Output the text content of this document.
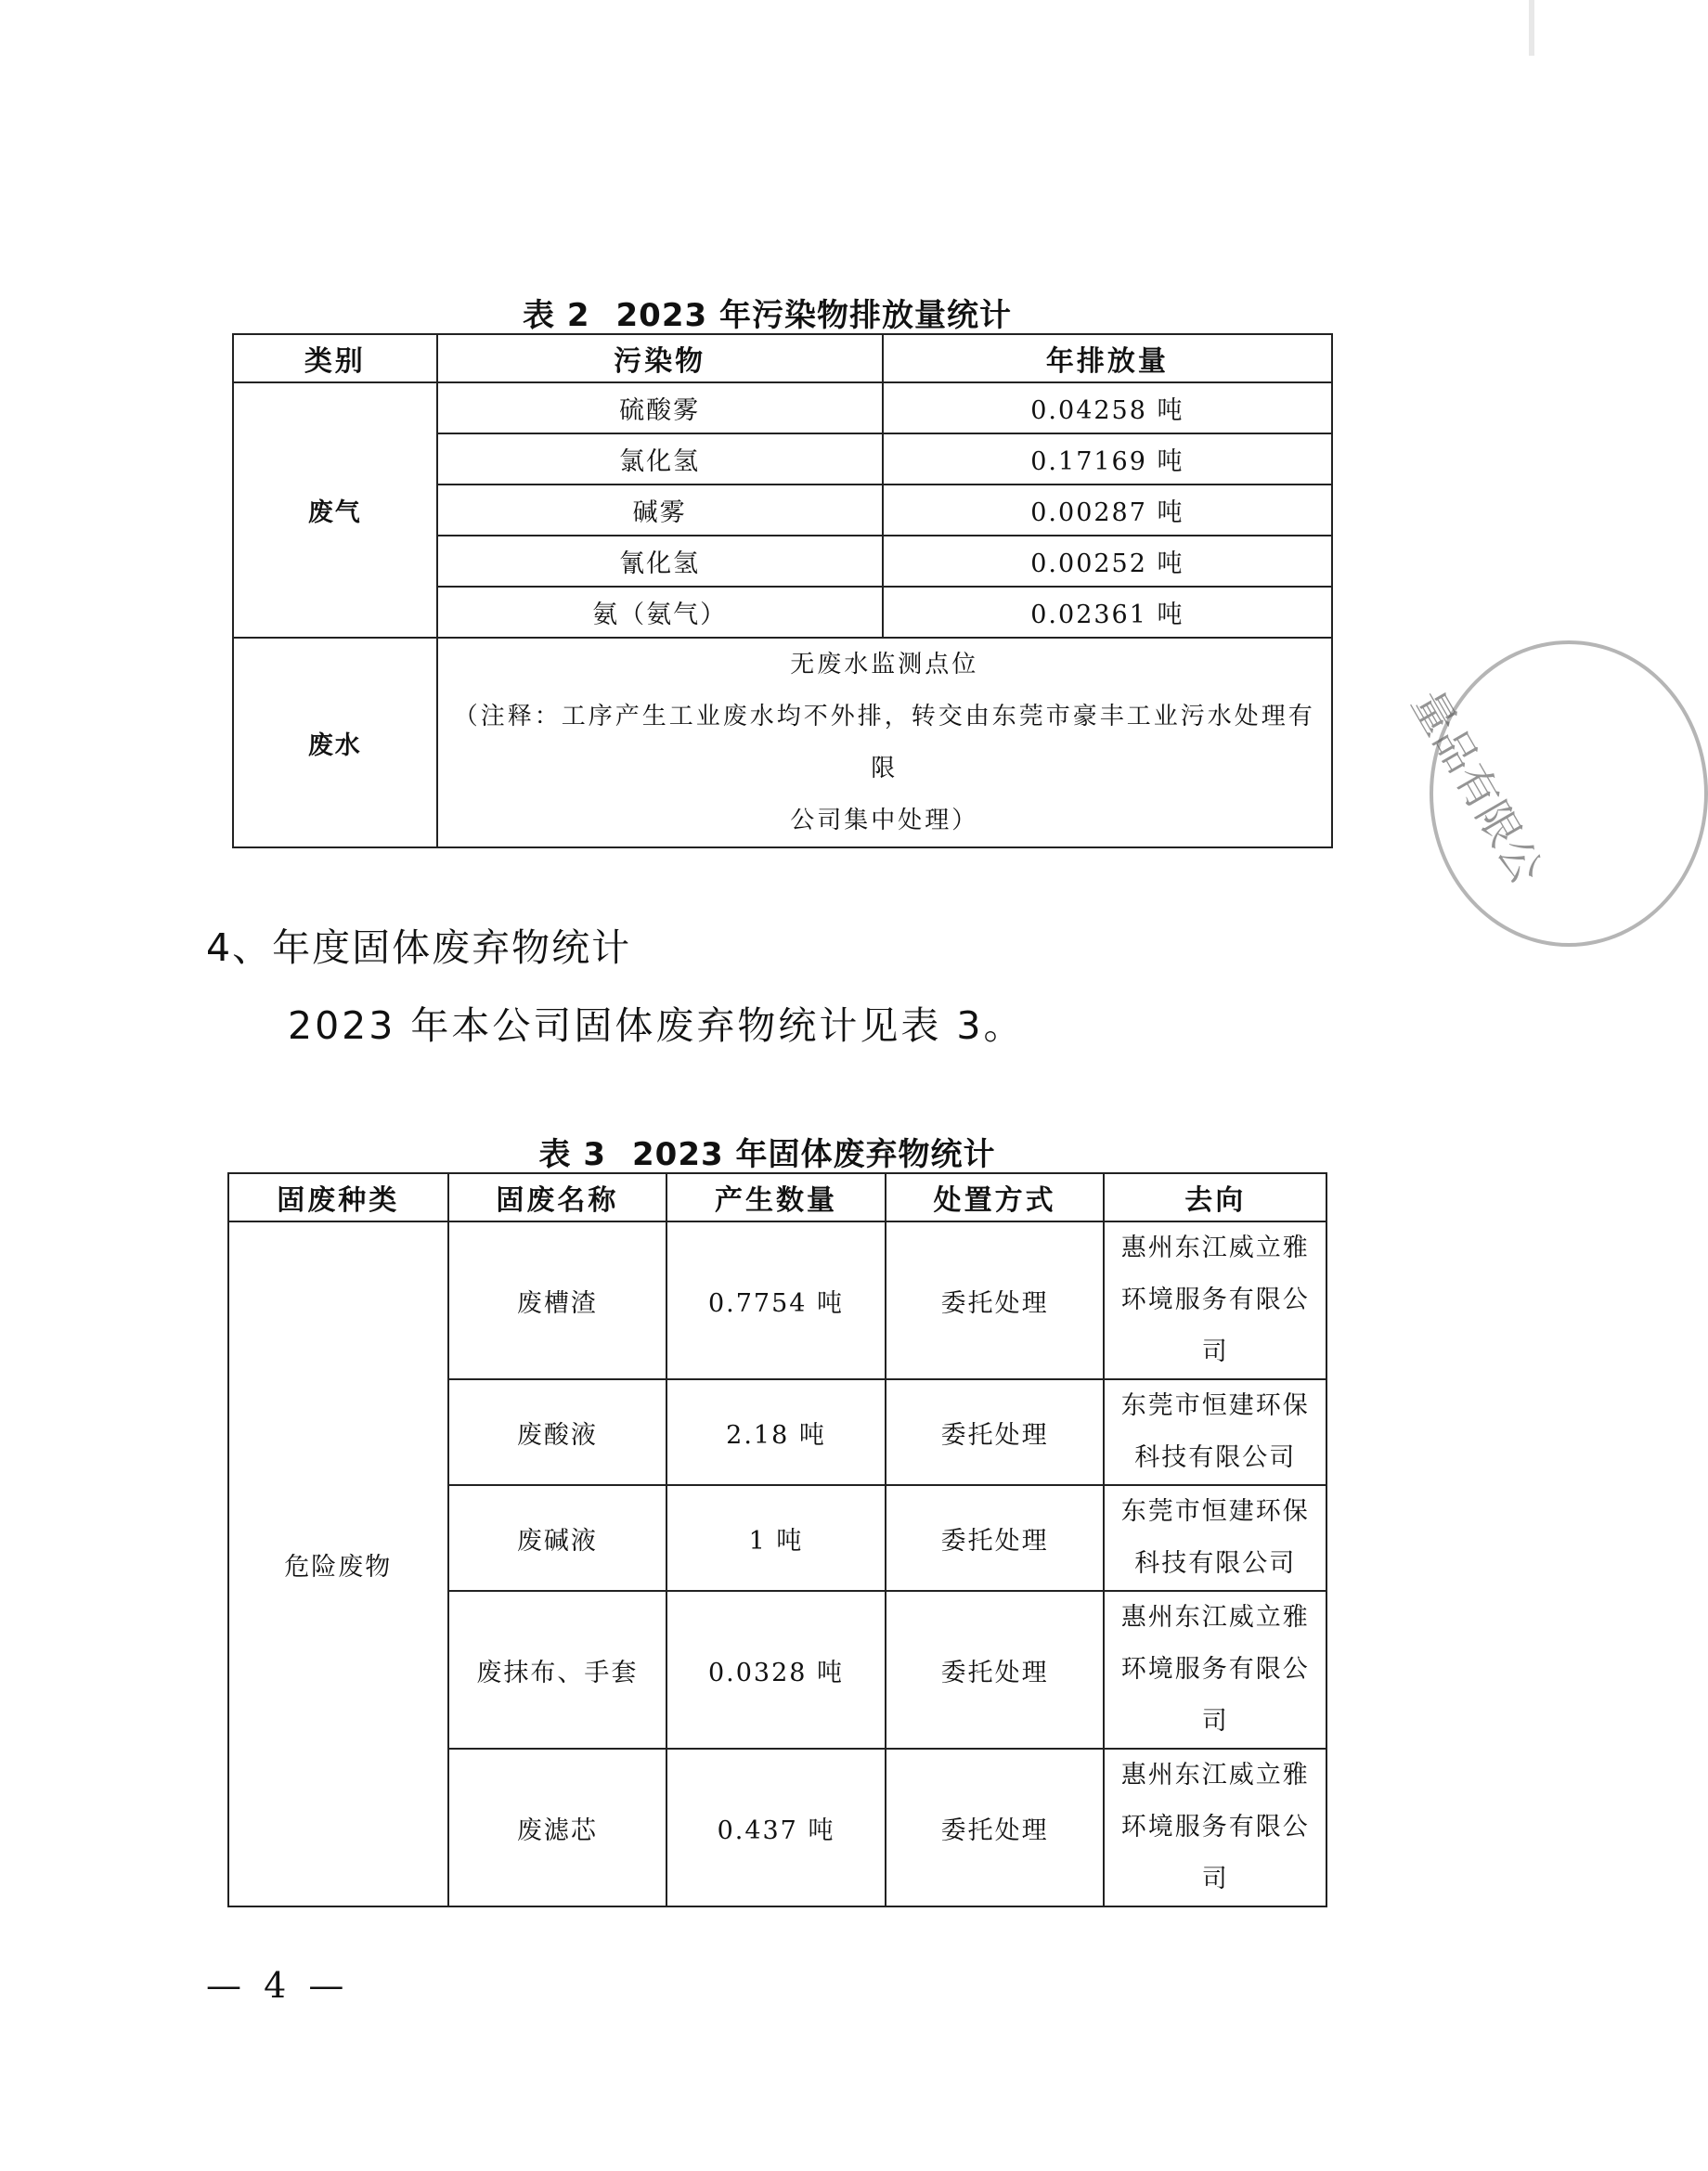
表 2 2023 年污染物排放量统计
类别	污染物	年排放量
废气	硫酸雾	0.04258 吨
	氯化氢	0.17169 吨
	碱雾	0.00287 吨
	氰化氢	0.00252 吨
	氨（氨气）	0.02361 吨
废水	无废水监测点位
（注释：工序产生工业废水均不外排，转交由东莞市豪丰工业污水处理有限
公司集中处理）	
4、年度固体废弃物统计
2023 年本公司固体废弃物统计见表 3。
表 3 2023 年固体废弃物统计
固废种类	固废名称	产生数量	处置方式	去向
危险废物	废槽渣	0.7754 吨	委托处理	惠州东江威立雅
环境服务有限公
司

	废酸液	2.18 吨	委托处理	东莞市恒建环保
科技有限公司

	废碱液	1 吨	委托处理	东莞市恒建环保
科技有限公司

	废抹布、手套	0.0328 吨	委托处理	惠州东江威立雅
环境服务有限公
司

	废滤芯	0.437 吨	委托处理	惠州东江威立雅
环境服务有限公
司
量品有限公
— 4 —
